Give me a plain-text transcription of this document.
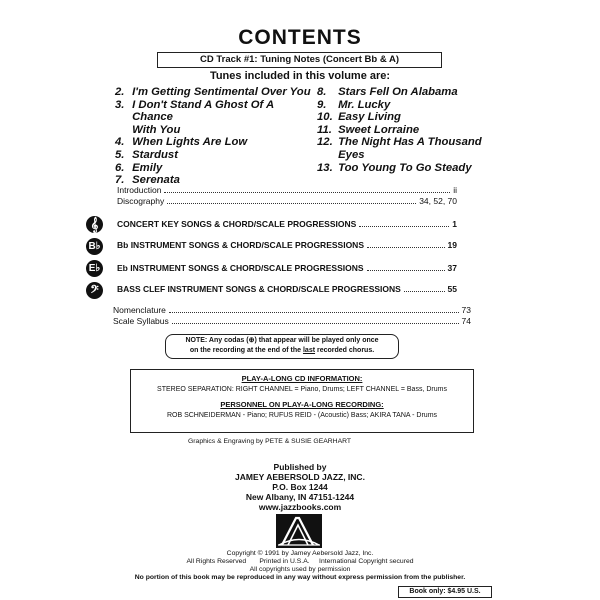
CONTENTS
CD Track #1: Tuning Notes (Concert Bb & A)
Tunes included in this volume are:
2.
I'm Getting Sentimental Over You
3.
I Don't Stand A Ghost Of A Chance

With You
4.
When Lights Are Low
5.
Stardust
6.
Emily
7.
Serenata
8.
	Stars Fell On Alabama
9.
	Mr. Lucky
10.
Easy Living
11.
Sweet Lorraine
12.
The Night Has A Thousand

Eyes
13.
Too Young To Go Steady
Introduction	ii
Discography	34, 52, 70
𝄞	CONCERT KEY SONGS & CHORD/SCALE PROGRESSIONS	1
B♭ Bb INSTRUMENT SONGS & CHORD/SCALE PROGRESSIONS	19
E♭	Eb INSTRUMENT SONGS & CHORD/SCALE PROGRESSIONS	37
𝄢	BASS CLEF INSTRUMENT SONGS & CHORD/SCALE PROGRESSIONS	55
Nomenclature	73
Scale Syllabus	74
NOTE: Any codas (⊕) that appear will be played only once
on the recording at the end of the last recorded chorus.
PLAY-A-LONG CD INFORMATION:
STEREO SEPARATION: RIGHT CHANNEL = Piano, Drums; LEFT CHANNEL = Bass, Drums
PERSONNEL ON PLAY-A-LONG RECORDING:
ROB SCHNEIDERMAN - Piano; RUFUS REID - (Acoustic) Bass; AKIRA TANA - Drums
Graphics & Engraving by PETE & SUSIE GEARHART
Published by
JAMEY AEBERSOLD JAZZ, INC.
P.O. Box 1244
New Albany, IN 47151-1244
www.jazzbooks.com
Copyright © 1991 by Jamey Aebersold Jazz, Inc.
All Rights Reserved       Printed in U.S.A.     International Copyright secured
All copyrights used by permission
No portion of this book may be reproduced in any way without express permission from the publisher.
Book only: $4.95 U.S.
